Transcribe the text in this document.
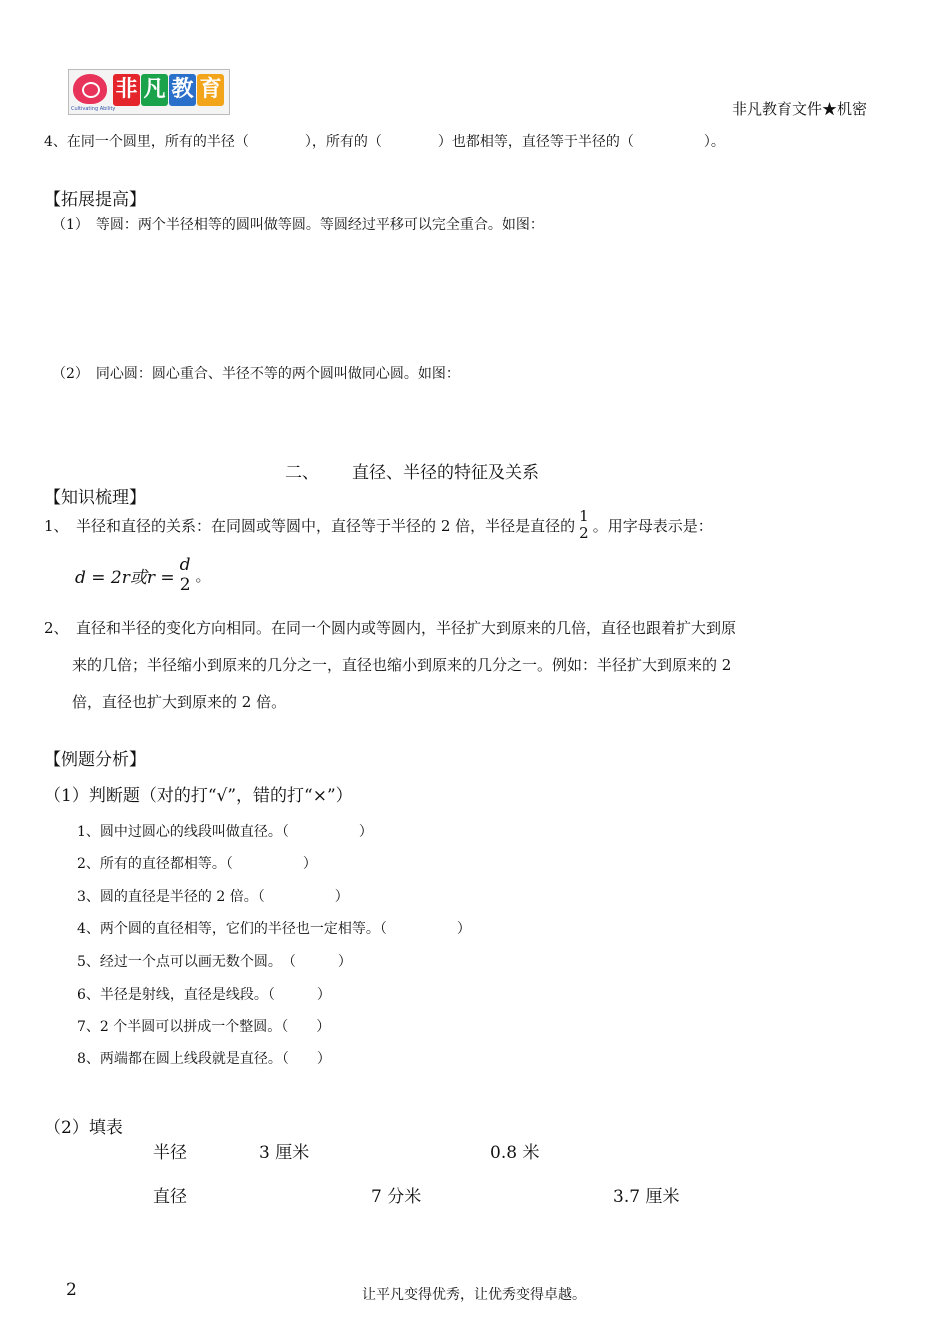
Cultivating Ability
非 凡 教 育
非凡教育文件★机密
4、在同一个圆里，所有的半径（　　　　），所有的（　　　　）也都相等，直径等于半径的（　　　　　）。
【拓展提高】
（1）　等圆：两个半径相等的圆叫做等圆。等圆经过平移可以完全重合。如图：
（2）　同心圆：圆心重合、半径不等的两个圆叫做同心圆。如图：
二、 直径、半径的特征及关系
【知识梳理】
1、　半径和直径的关系：在同圆或等圆中，直径等于半径的 2 倍，半径是直径的
1
2 。用字母表示是：
d = 2r或r =
d
2 。
2、　直径和半径的变化方向相同。在同一个圆内或等圆内，半径扩大到原来的几倍，直径也跟着扩大到原
来的几倍；半径缩小到原来的几分之一，直径也缩小到原来的几分之一。例如：半径扩大到原来的 2
倍，直径也扩大到原来的 2 倍。
【例题分析】
（1）判断题（对的打“√”，错的打“×”）
1、圆中过圆心的线段叫做直径。（　　　　　）
2、所有的直径都相等。（　　　　　）
3、圆的直径是半径的 2 倍。（　　　　　）
4、两个圆的直径相等，它们的半径也一定相等。（　　　　　）
5、经过一个点可以画无数个圆。　（　　　）
6、半径是射线，直径是线段。（　　　）
7、2 个半圆可以拼成一个整圆。（　　）
8、两端都在圆上线段就是直径。（　　）
（2）填表
半径	3 厘米	0.8 米
直径	7 分米	3.7 厘米
2	让平凡变得优秀，让优秀变得卓越。
